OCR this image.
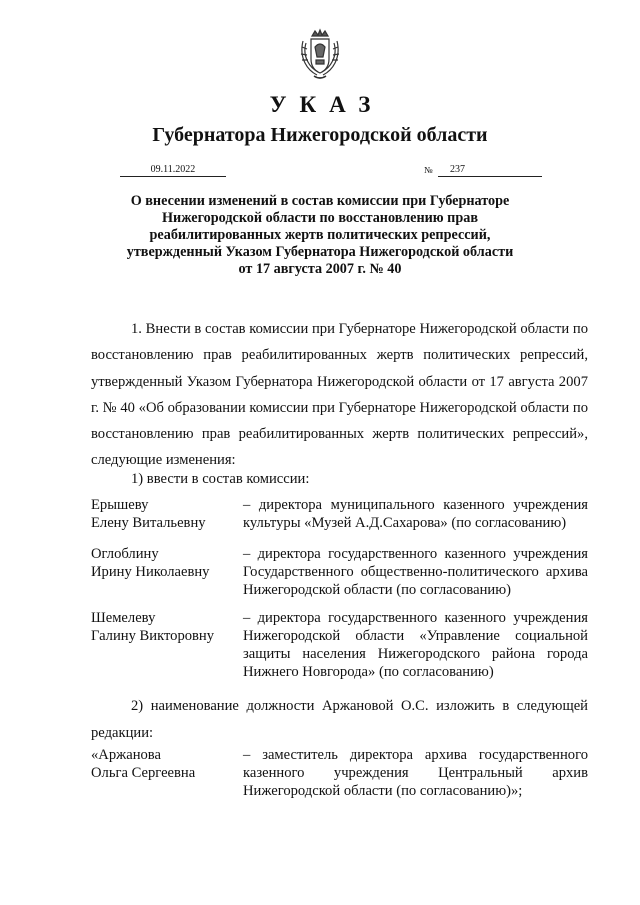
УКАЗ
Губернатора Нижегородской области
09.11.2022	№	237
О внесении изменений в состав комиссии при Губернаторе
Нижегородской области по восстановлению прав
реабилитированных жертв политических репрессий,
утвержденный Указом Губернатора Нижегородской области
от 17 августа 2007 г. № 40

1. Внести в состав комиссии при Губернаторе Нижегородской области по восстановлению прав реабилитированных жертв политических репрессий, утвержденный Указом Губернатора Нижегородской области от 17 августа 2007 г. № 40 «Об образовании комиссии при Губернаторе Нижегородской области по восстановлению прав реабилитированных жертв политических репрессий», следующие изменения:

1) ввести в состав комиссии:
Ерышеву
Елену Витальевну
– директора муниципального казенного учреждения культуры «Музей А.Д.Сахарова» (по согласованию)
Оглоблину
Ирину Николаевну
– директора государственного казенного учреждения Государственного общественно-политического архива Нижегородской области (по согласованию)
Шемелеву
Галину Викторовну
– директора государственного казенного учреждения Нижегородской области «Управление социальной защиты населения Нижегородского района города Нижнего Новгорода» (по согласованию)

2) наименование должности Аржановой О.С. изложить в следующей редакции:

«Аржанова
Ольга Сергеевна
– заместитель директора архива государственного казенного учреждения Центральный архив Нижегородской области (по согласованию)»;
